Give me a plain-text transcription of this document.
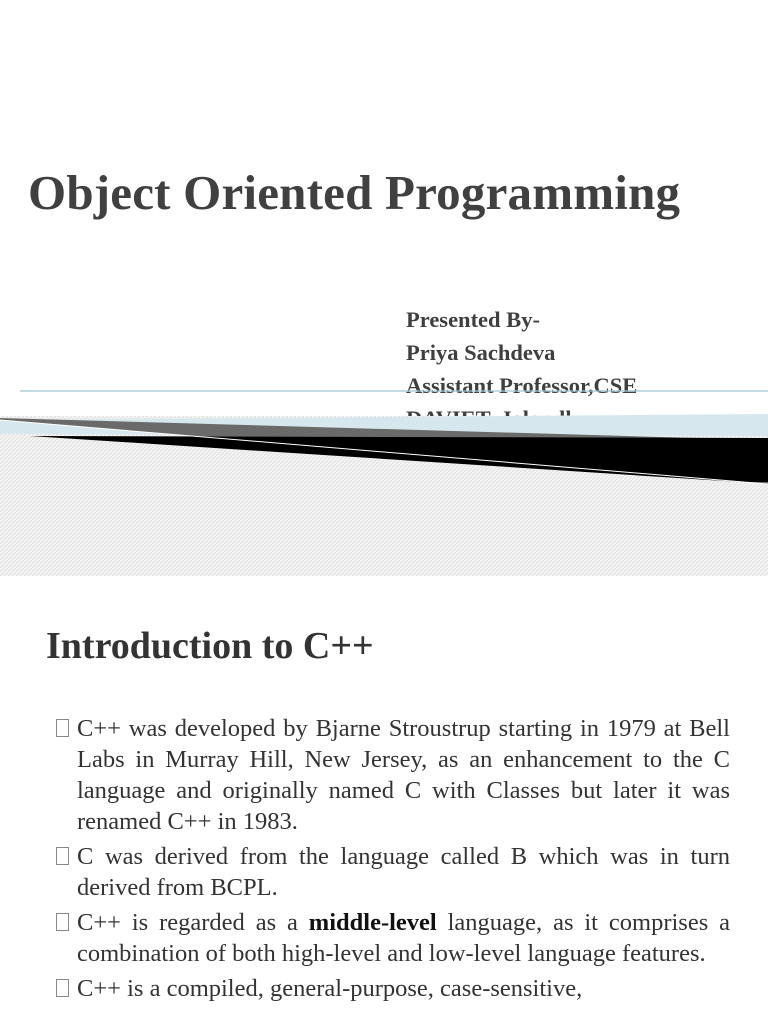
Object Oriented Programming
Presented By-
Priya Sachdeva
Assistant Professor,CSE
Introduction to C++
C++ was developed by Bjarne Stroustrup starting in 1979 at Bell Labs in Murray Hill, New Jersey, as an enhancement to the C language and originally named C with Classes but later it was renamed C++ in 1983.
C was derived from the language called B which was in turn derived from BCPL.
C++ is regarded as a middle-level language, as it comprises a combination of both high-level and low-level language features.
C++ is a compiled, general-purpose, case-sensitive,
